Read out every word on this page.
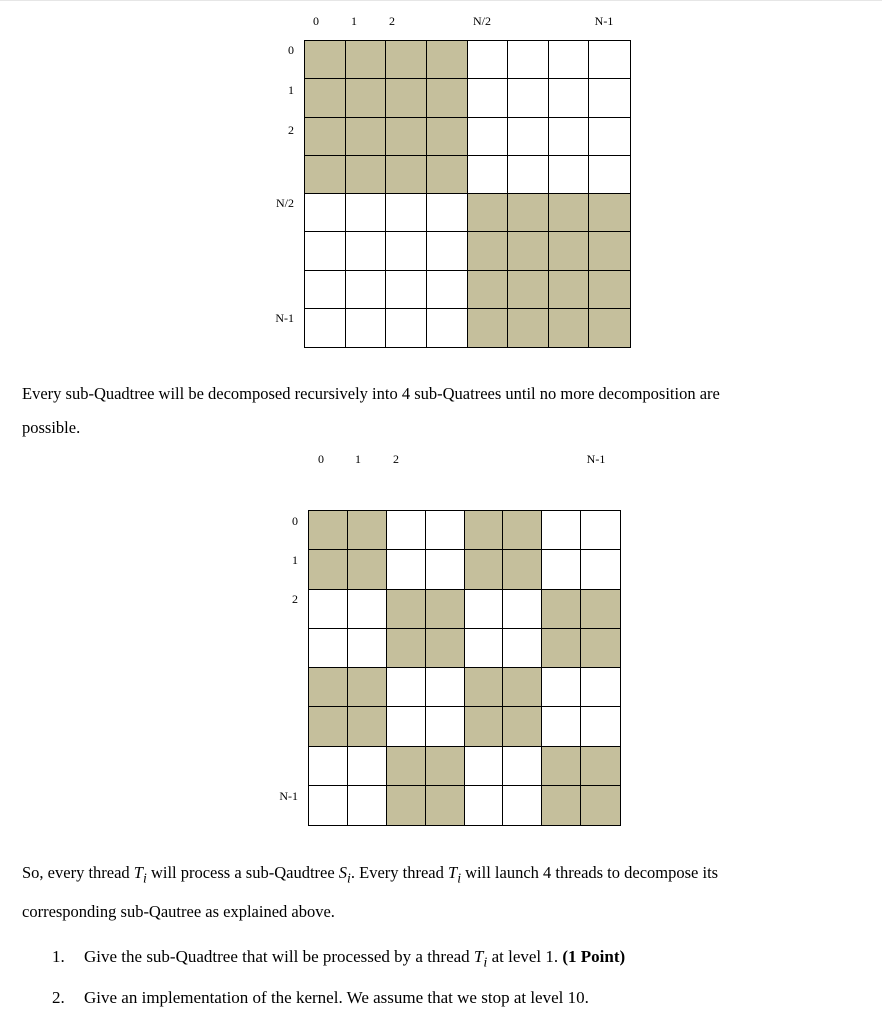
0	1	2	N/2	N-1
0
1
2
N/2
N-1
Every sub-Quadtree will be decomposed recursively into 4 sub-Quatrees until no more decomposition are
possible.
0	1	2	N-1
0
1
2
N-1
So, every thread $T_i$ will process a sub-Qaudtree $S_i$. Every thread $T_i$ will launch 4 threads to decompose its
corresponding sub-Qautree as explained above.
1. Give the sub-Quadtree that will be processed by a thread $T_i$ at level 1. (1 Point)
2. Give an implementation of the kernel. We assume that we stop at level 10.
